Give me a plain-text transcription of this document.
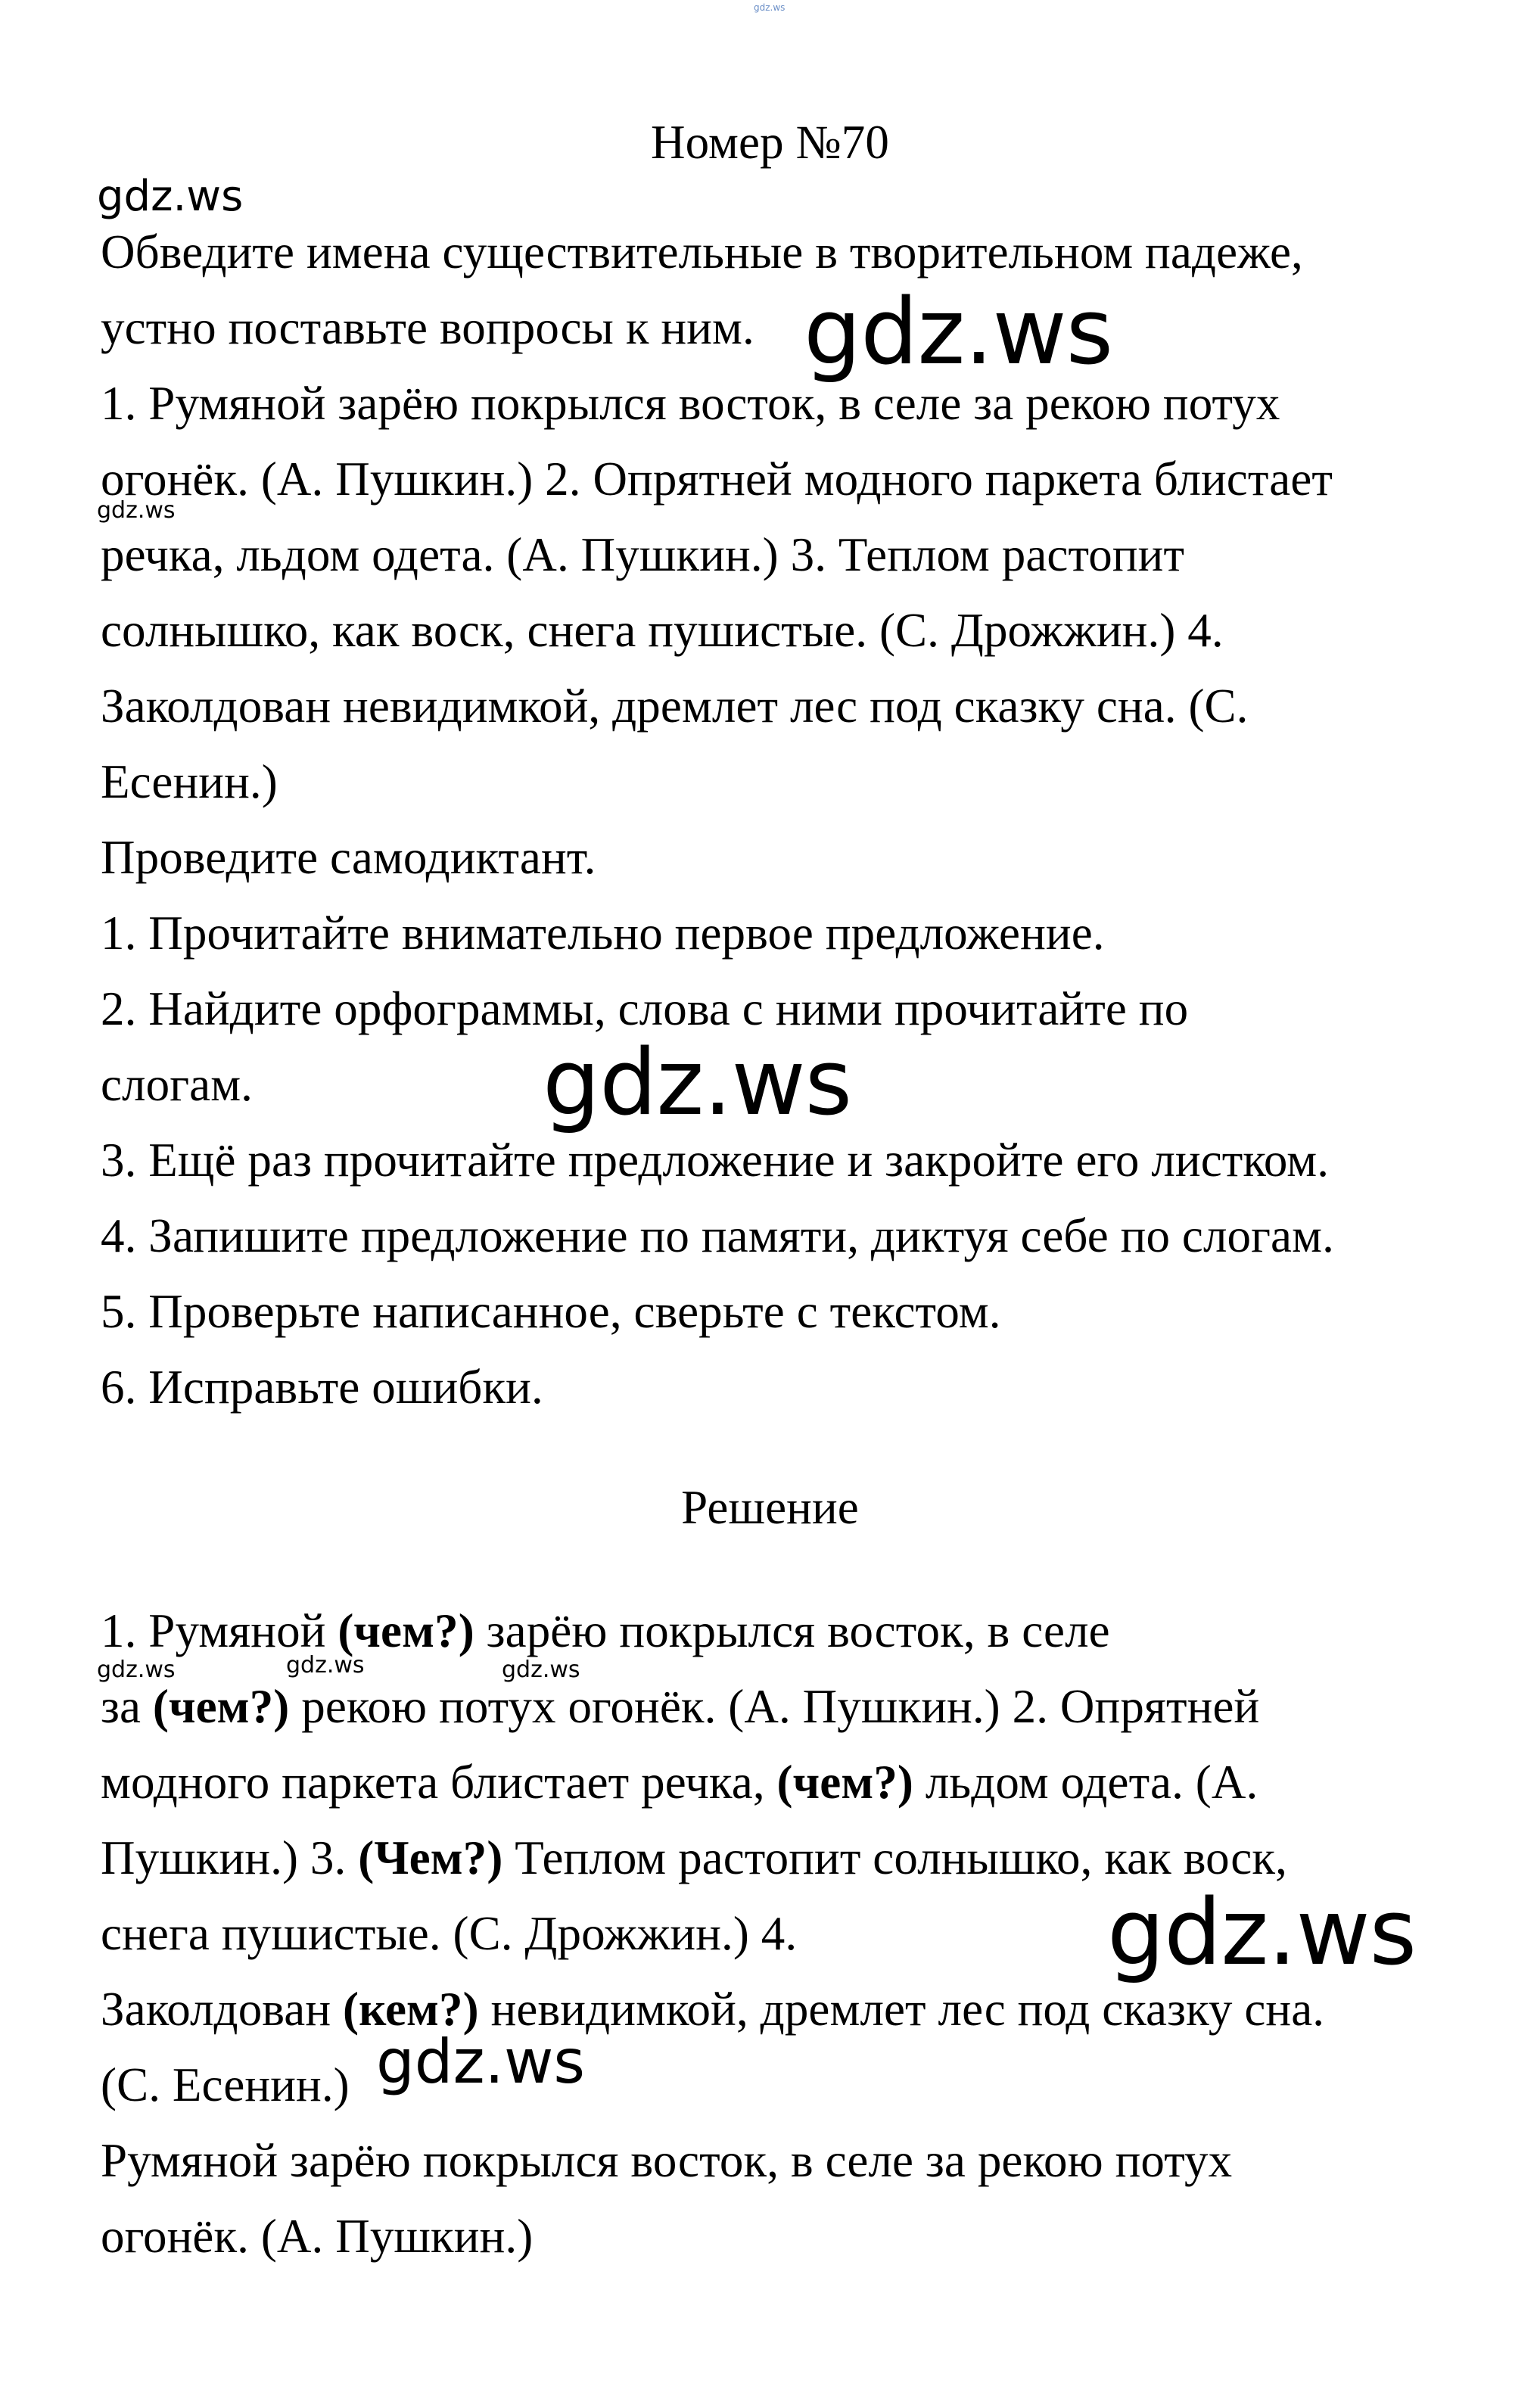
gdz.ws

Номер №70

Обведите имена существительные в творительном падеже,

устно поставьте вопросы к ним.

1. Румяной зарёю покрылся восток, в селе за рекою потух

огонёк. (А. Пушкин.) 2. Опрятней модного паркета блистает

речка, льдом одета. (А. Пушкин.) 3. Теплом растопит

солнышко, как воск, снега пушистые. (С. Дрожжин.) 4.

Заколдован невидимкой, дремлет лес под сказку сна. (С.

Есенин.)

Проведите самодиктант.

1. Прочитайте внимательно первое предложение.

2. Найдите орфограммы, слова с ними прочитайте по

слогам.

3. Ещё раз прочитайте предложение и закройте его листком.

4. Запишите предложение по памяти, диктуя себе по слогам.

5. Проверьте написанное, сверьте с текстом.

6. Исправьте ошибки.

Решение

1. Румяной (чем?) зарёю покрылся восток, в селе

за (чем?) рекою потух огонёк. (А. Пушкин.) 2. Опрятней

модного паркета блистает речка, (чем?) льдом одета. (А.

Пушкин.) 3. (Чем?) Теплом растопит солнышко, как воск,

снега пушистые. (С. Дрожжин.) 4.

Заколдован (кем?) невидимкой, дремлет лес под сказку сна.

(С. Есенин.)

Румяной зарёю покрылся восток, в селе за рекою потух

огонёк. (А. Пушкин.)

gdz.ws

gdz.ws

gdz.ws

gdz.ws

gdz.ws	gdz.ws	gdz.ws

gdz.ws

gdz.ws
